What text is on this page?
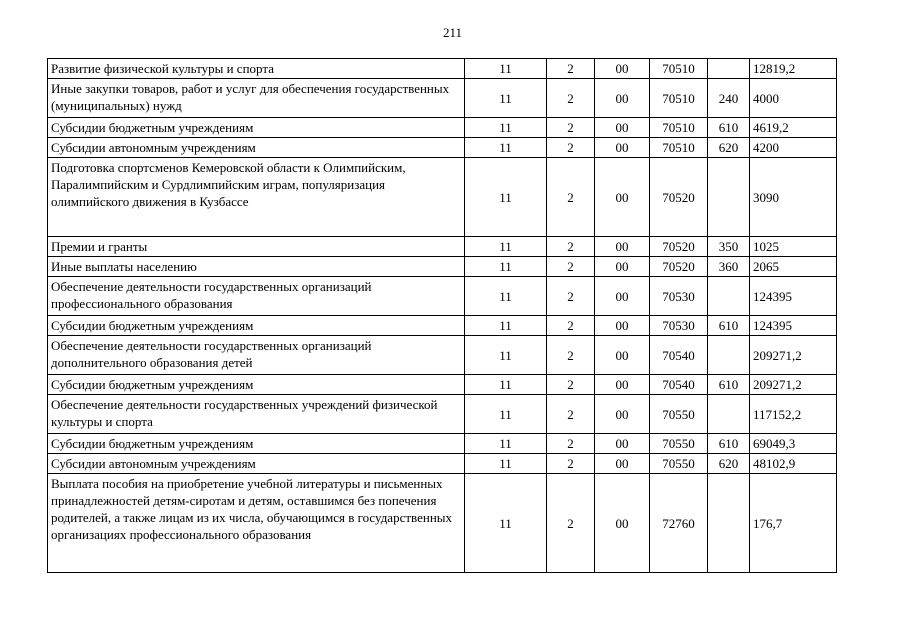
211
Развитие физической культуры и спорта	11	2	00	70510		12819,2
Иные закупки товаров, работ и услуг для обеспечения государственных (муниципальных) нужд	11	2	00	70510	240	4000
Субсидии бюджетным учреждениям	11	2	00	70510	610	4619,2
Субсидии автономным учреждениям	11	2	00	70510	620	4200
Подготовка спортсменов Кемеровской области к Олимпийским, Паралимпийским и Сурдлимпийским играм, популяризация олимпийского движения в Кузбассе	11	2	00	70520		3090
Премии и гранты	11	2	00	70520	350	1025
Иные выплаты населению	11	2	00	70520	360	2065
Обеспечение деятельности государственных организаций профессионального образования	11	2	00	70530		124395
Субсидии бюджетным учреждениям	11	2	00	70530	610	124395
Обеспечение деятельности государственных организаций дополнительного образования детей	11	2	00	70540		209271,2
Субсидии бюджетным учреждениям	11	2	00	70540	610	209271,2
Обеспечение деятельности государственных учреждений физической культуры и спорта	11	2	00	70550		117152,2
Субсидии бюджетным учреждениям	11	2	00	70550	610	69049,3
Субсидии автономным учреждениям	11	2	00	70550	620	48102,9
Выплата пособия на приобретение учебной литературы и письменных принадлежностей детям-сиротам и детям, оставшимся без попечения родителей, а также лицам из их числа, обучающимся в государственных организациях профессионального образования	11	2	00	72760		176,7
